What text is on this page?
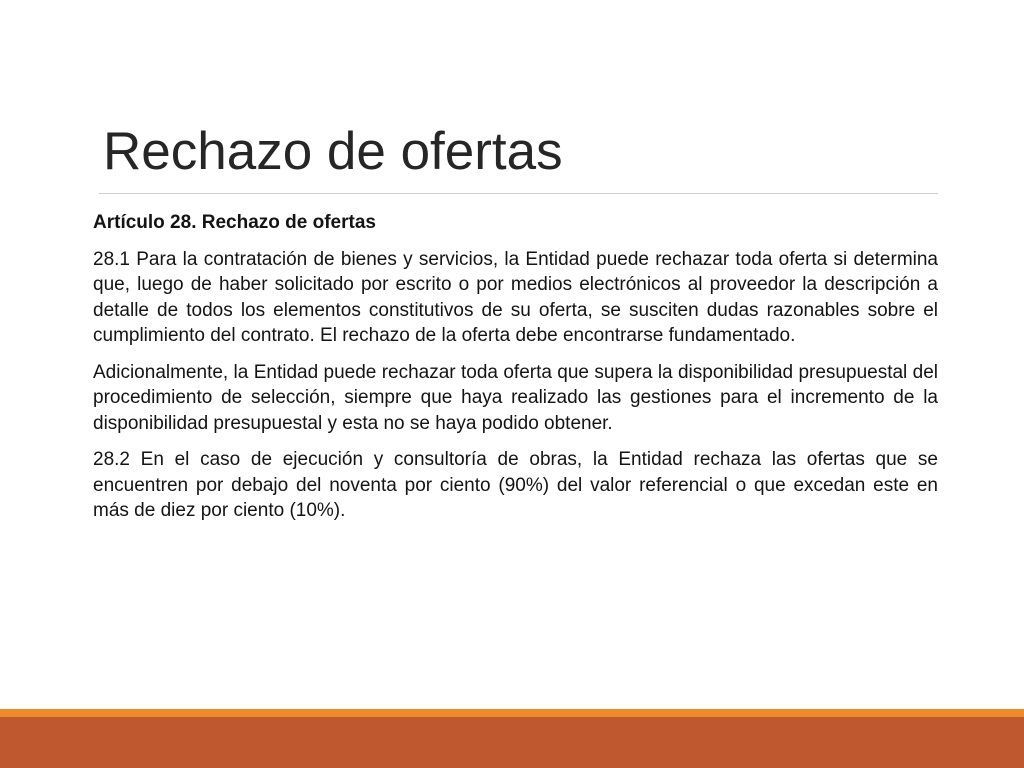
Rechazo de ofertas

Artículo 28. Rechazo de ofertas

28.1 Para la contratación de bienes y servicios, la Entidad puede rechazar toda oferta si determina que, luego de haber solicitado por escrito o por medios electrónicos al proveedor la descripción a detalle de todos los elementos constitutivos de su oferta, se susciten dudas razonables sobre el cumplimiento del contrato. El rechazo de la oferta debe encontrarse fundamentado.

Adicionalmente, la Entidad puede rechazar toda oferta que supera la disponibilidad presupuestal del procedimiento de selección, siempre que haya realizado las gestiones para el incremento de la disponibilidad presupuestal y esta no se haya podido obtener.

28.2 En el caso de ejecución y consultoría de obras, la Entidad rechaza las ofertas que se encuentren por debajo del noventa por ciento (90%) del valor referencial o que excedan este en más de diez por ciento (10%).
